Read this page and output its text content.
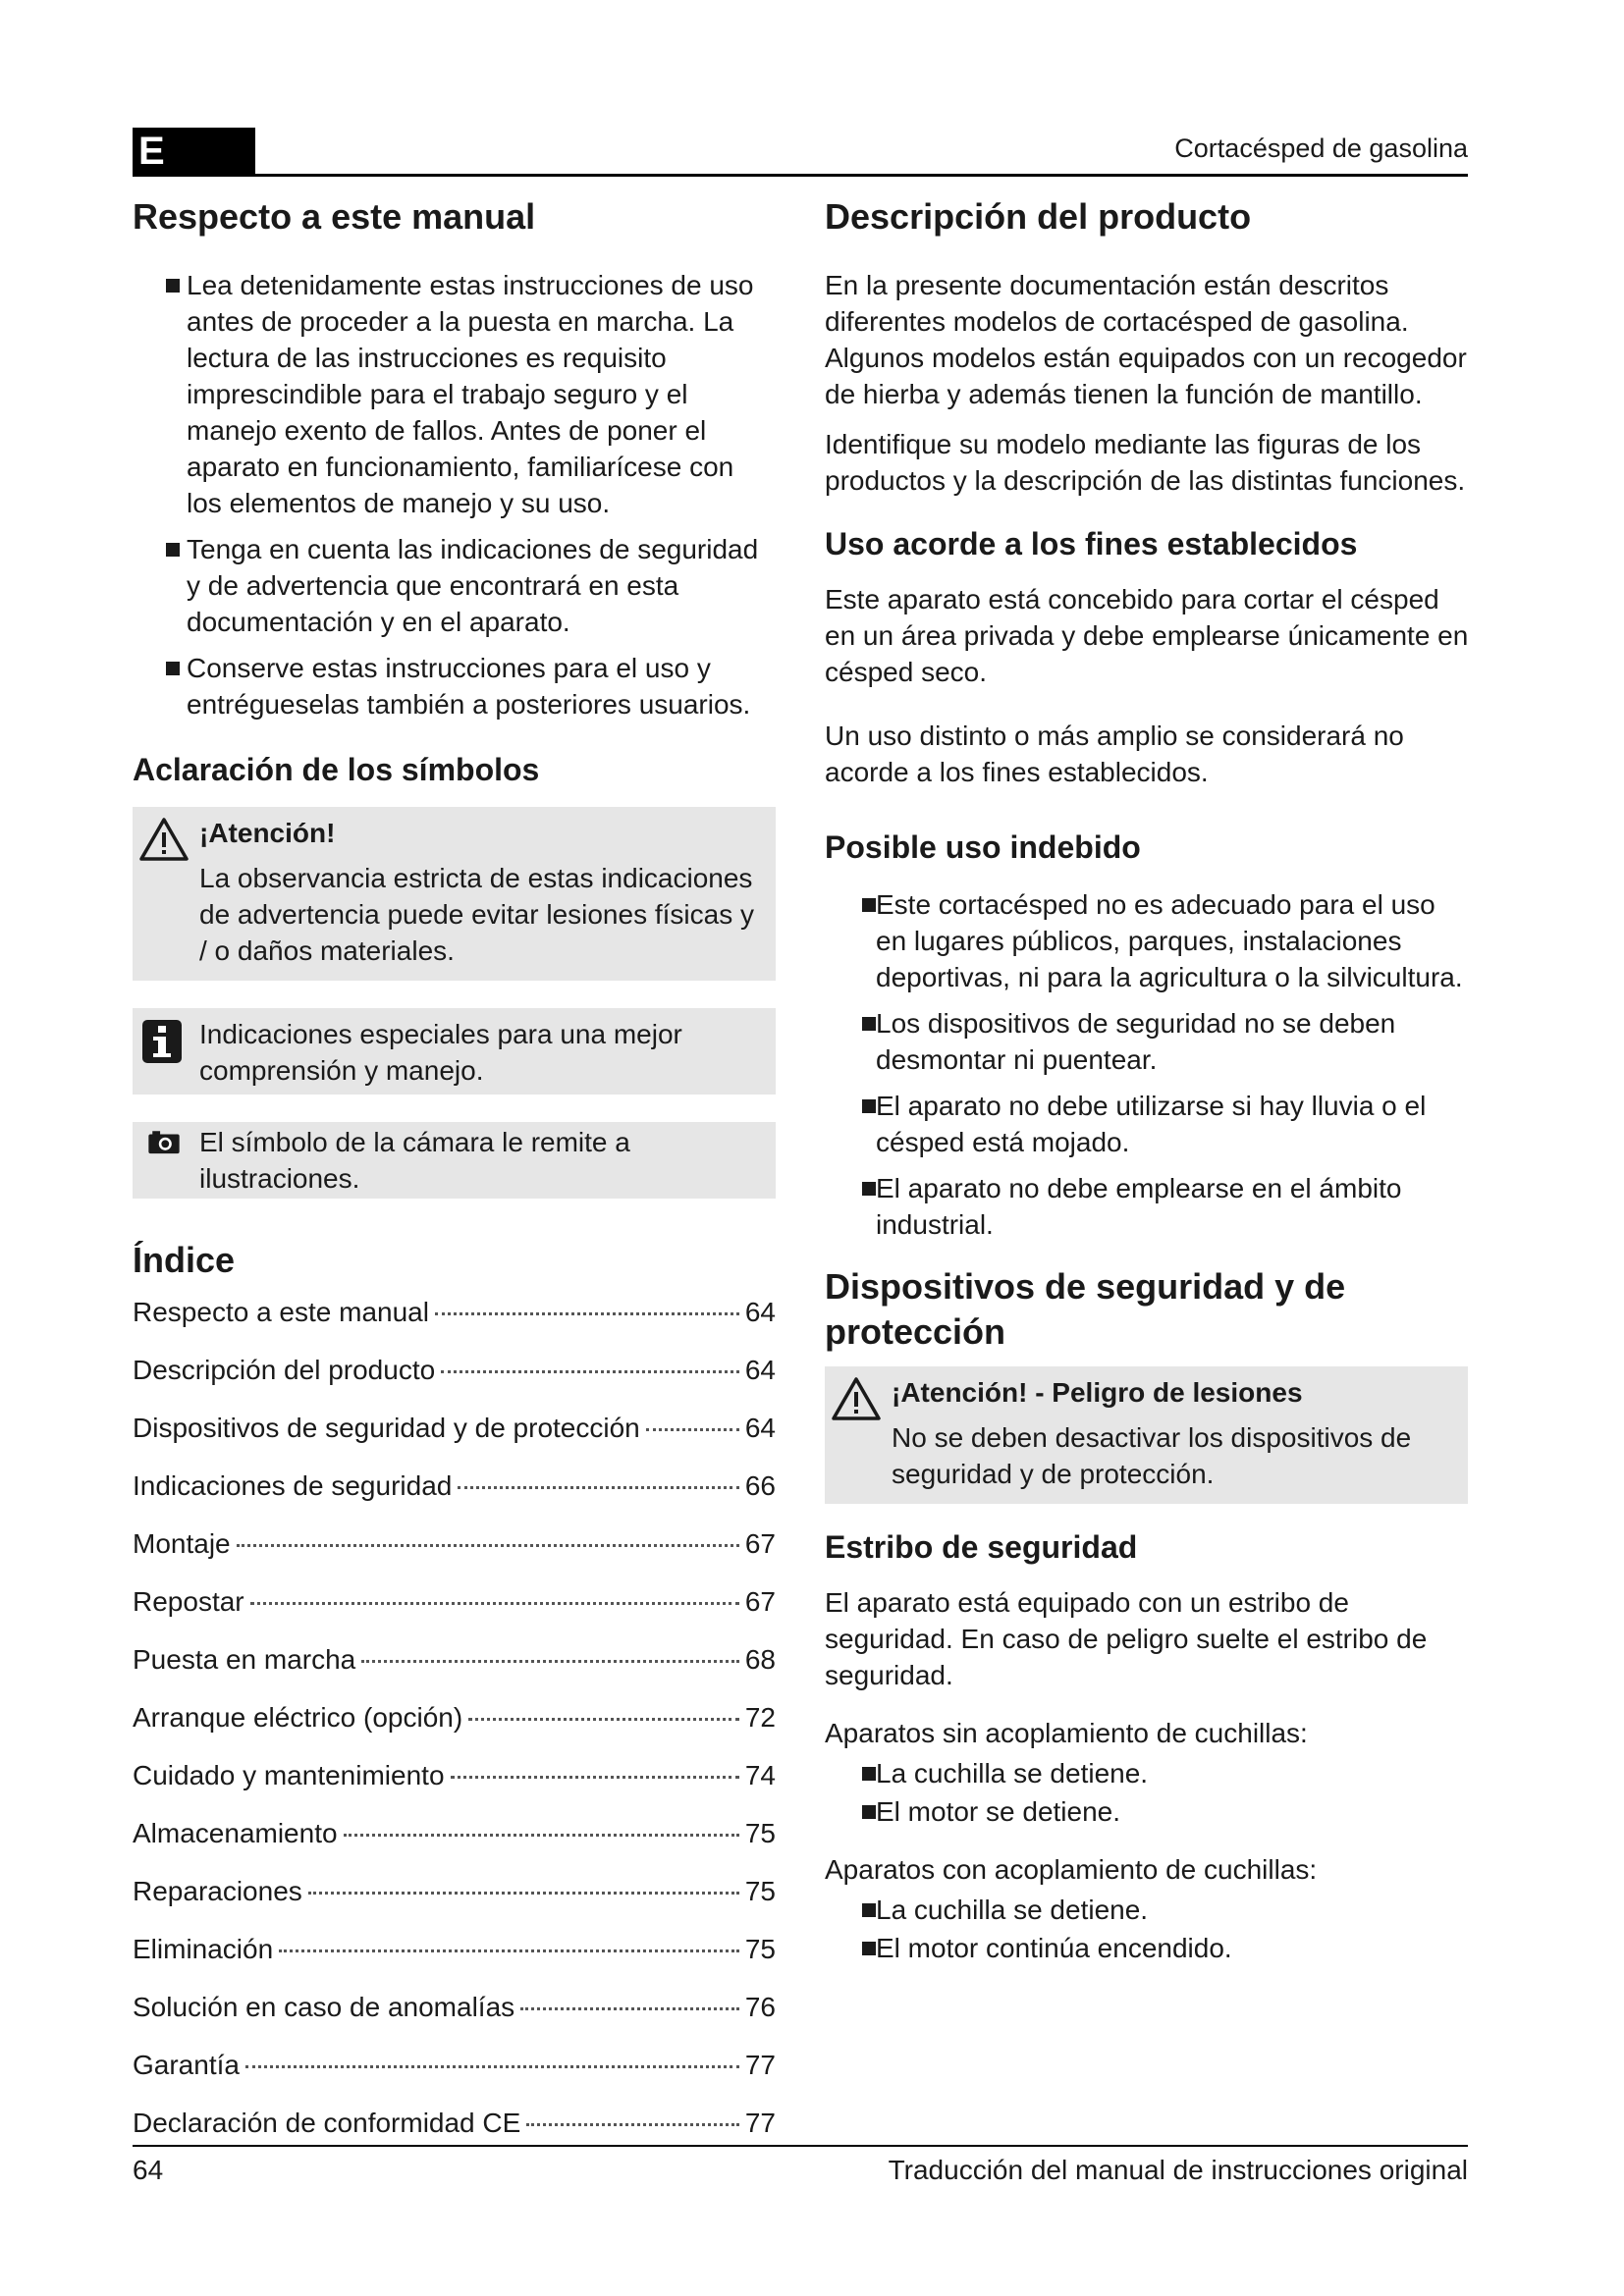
E	Cortacésped de gasolina
Respecto a este manual
Lea detenidamente estas instrucciones de uso antes de proceder a la puesta en marcha. La lectura de las instrucciones es requisito imprescindible para el trabajo seguro y el manejo exento de fallos. Antes de poner el aparato en funcionamiento, familiarícese con los elementos de manejo y su uso.
Tenga en cuenta las indicaciones de seguridad y de advertencia que encontrará en esta documentación y en el aparato.
Conserve estas instrucciones para el uso y entrégueselas también a posteriores usuarios.
Aclaración de los símbolos
¡Atención!

La observancia estricta de estas indicaciones de advertencia puede evitar lesiones físicas y / o daños materiales.

Indicaciones especiales para una mejor comprensión y manejo.

El símbolo de la cámara le remite a ilustraciones.

Índice
Respecto a este manual	64
Descripción del producto	64
Dispositivos de seguridad y de protección	64
Indicaciones de seguridad	66
Montaje	67
Repostar	67
Puesta en marcha	68
Arranque eléctrico (opción)	72
Cuidado y mantenimiento	74
Almacenamiento	75
Reparaciones	75
Eliminación	75
Solución en caso de anomalías	76
Garantía	77
Declaración de conformidad CE	77
Descripción del producto

En la presente documentación están descritos diferentes modelos de cortacésped de gasolina. Algunos modelos están equipados con un recogedor de hierba y además tienen la función de mantillo.

Identifique su modelo mediante las figuras de los productos y la descripción de las distintas funciones.

Uso acorde a los fines establecidos

Este aparato está concebido para cortar el césped en un área privada y debe emplearse únicamente en césped seco.

Un uso distinto o más amplio se considerará no acorde a los fines establecidos.

Posible uso indebido
Este cortacésped no es adecuado para el uso en lugares públicos, parques, instalaciones deportivas, ni para la agricultura o la silvicultura.
Los dispositivos de seguridad no se deben desmontar ni puentear.
El aparato no debe utilizarse si hay lluvia o el césped está mojado.
El aparato no debe emplearse en el ámbito industrial.
Dispositivos de seguridad y de protección
¡Atención! - Peligro de lesiones

No se deben desactivar los dispositivos de seguridad y de protección.

Estribo de seguridad

El aparato está equipado con un estribo de seguridad. En caso de peligro suelte el estribo de seguridad.

Aparatos sin acoplamiento de cuchillas:
La cuchilla se detiene.
El motor se detiene.
Aparatos con acoplamiento de cuchillas:
La cuchilla se detiene.
El motor continúa encendido.
64	Traducción del manual de instrucciones original
